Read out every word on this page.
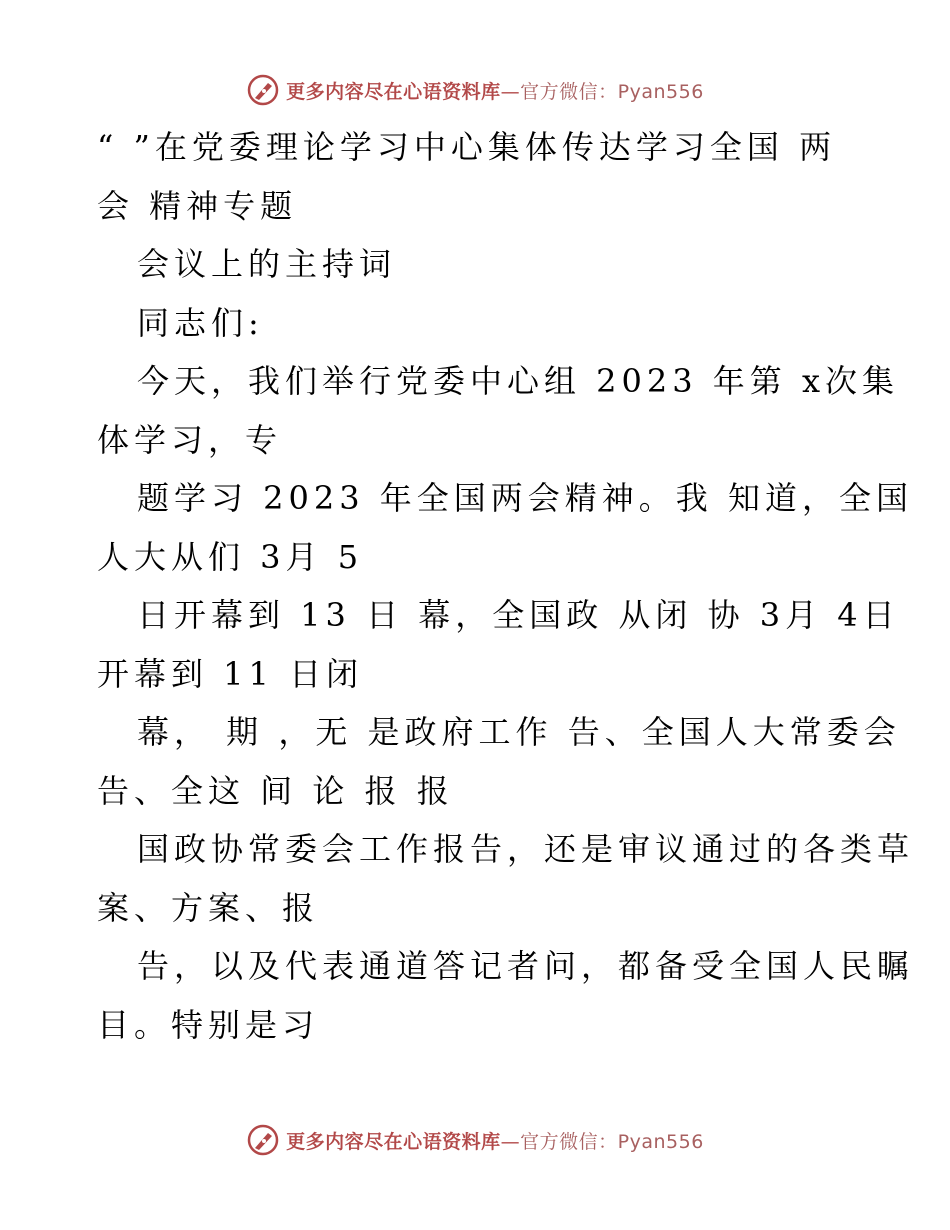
更多内容尽在心语资料库—官方微信：Pyan556
“ ”在党委理论学习中心集体传达学习全国 两
会 精神专题
会议上的主持词
同志们:
今天，我们举行党委中心组 2023 年第 x次集
体学习，专
题学习 2023 年全国两会精神。我 知道，全国
人大从们 3月 5
日开幕到 13 日 幕，全国政 从闭 协 3月 4日
开幕到 11 日闭
幕， 期 ，无 是政府工作 告、全国人大常委会
告、全这 间 论 报 报
国政协常委会工作报告，还是审议通过的各类草
案、方案、报
告，以及代表通道答记者问，都备受全国人民瞩
目。特别是习
更多内容尽在心语资料库—官方微信：Pyan556
